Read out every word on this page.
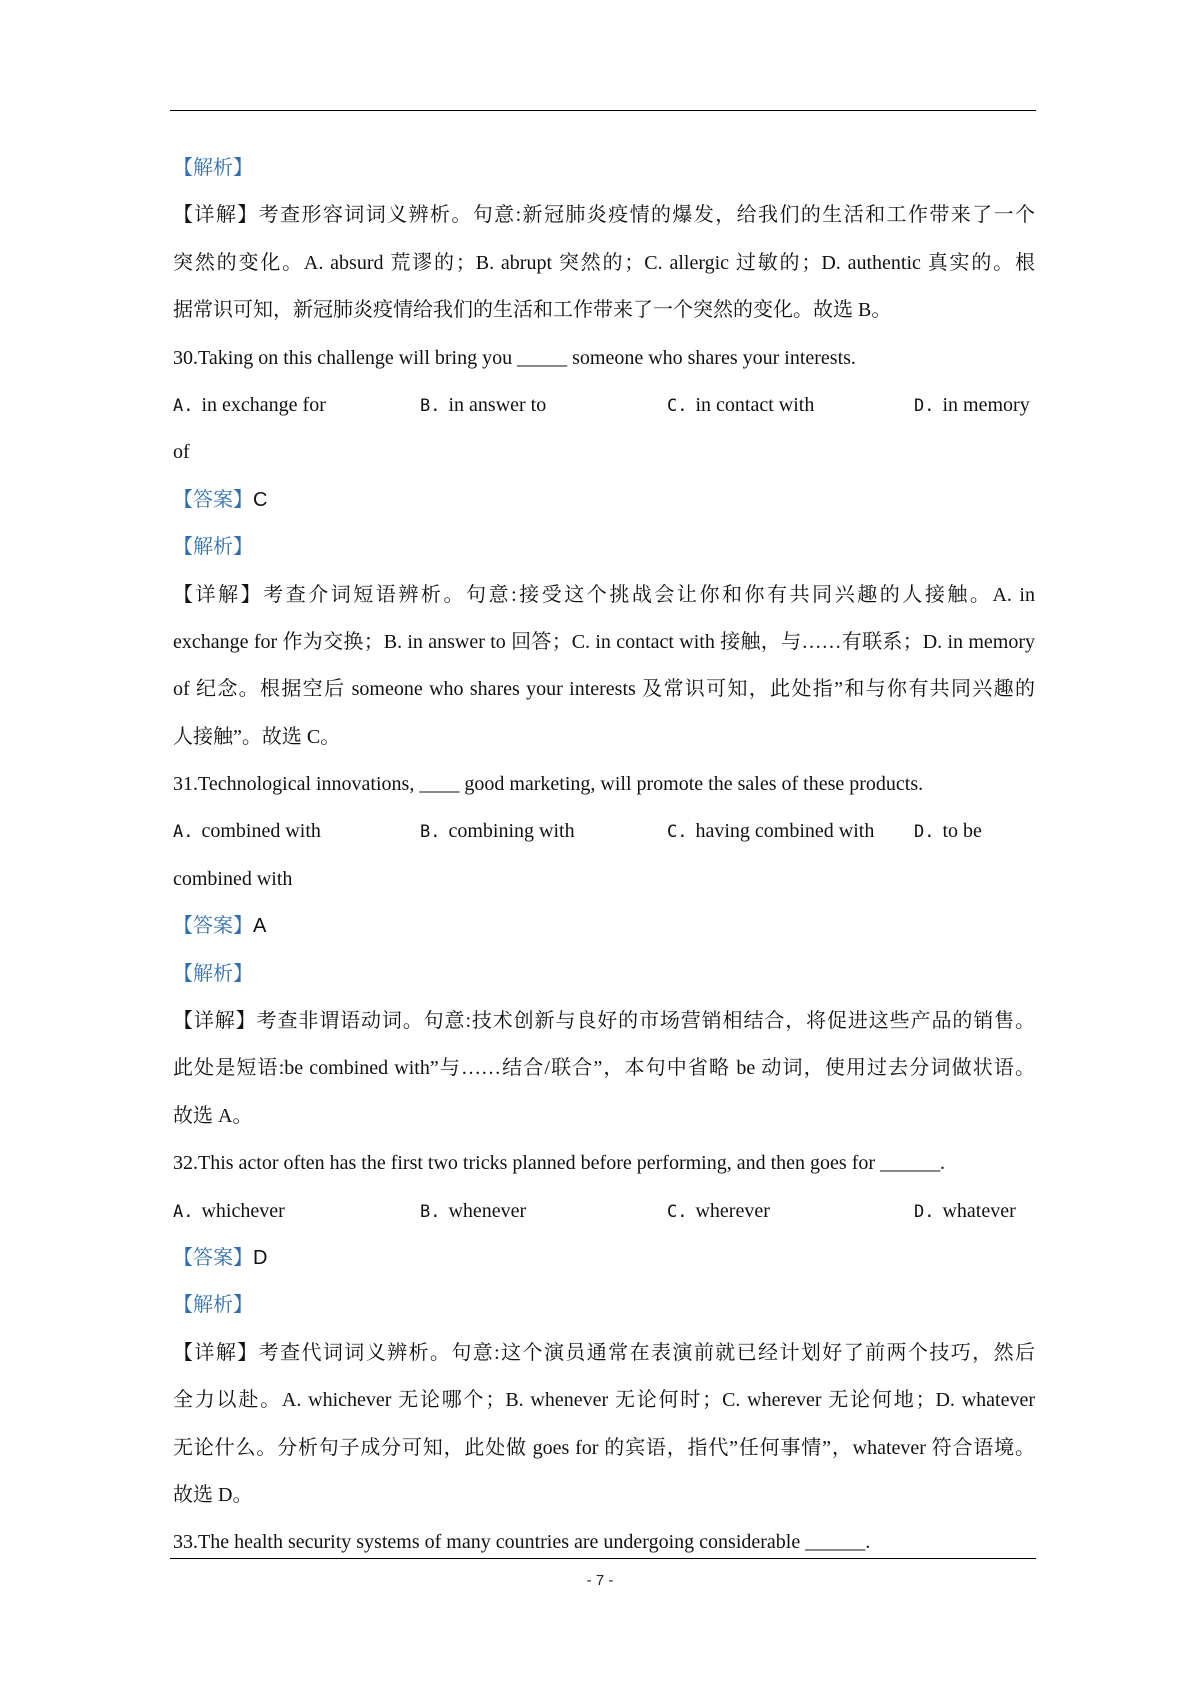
【解析】
【详解】考查形容词词义辨析。句意:新冠肺炎疫情的爆发，给我们的生活和工作带来了一个
突然的变化。A. absurd 荒谬的；B. abrupt 突然的；C. allergic 过敏的；D. authentic 真实的。根
据常识可知，新冠肺炎疫情给我们的生活和工作带来了一个突然的变化。故选 B。
30.Taking on this challenge will bring you _____ someone who shares your interests.
A. in exchange for	B. in answer to	C. in contact with	D. in memory
of
【答案】C
【解析】
【详解】考查介词短语辨析。句意:接受这个挑战会让你和你有共同兴趣的人接触。A. in
exchange for 作为交换；B. in answer to 回答；C. in contact with 接触，与……有联系；D. in memory
of 纪念。根据空后 someone who shares your interests 及常识可知，此处指”和与你有共同兴趣的
人接触”。故选 C。
31.Technological innovations, ____ good marketing, will promote the sales of these products.
A. combined with	B. combining with	C. having combined with	D. to be
combined with
【答案】A
【解析】
【详解】考查非谓语动词。句意:技术创新与良好的市场营销相结合，将促进这些产品的销售。
此处是短语:be combined with”与……结合/联合”，本句中省略 be 动词，使用过去分词做状语。
故选 A。
32.This actor often has the first two tricks planned before performing, and then goes for ______.
A. whichever	B. whenever	C. wherever	D. whatever
【答案】D
【解析】
【详解】考查代词词义辨析。句意:这个演员通常在表演前就已经计划好了前两个技巧，然后
全力以赴。A. whichever 无论哪个；B. whenever 无论何时；C. wherever 无论何地；D. whatever
无论什么。分析句子成分可知，此处做 goes for 的宾语，指代”任何事情”，whatever 符合语境。
故选 D。
33.The health security systems of many countries are undergoing considerable ______.
- 7 -
